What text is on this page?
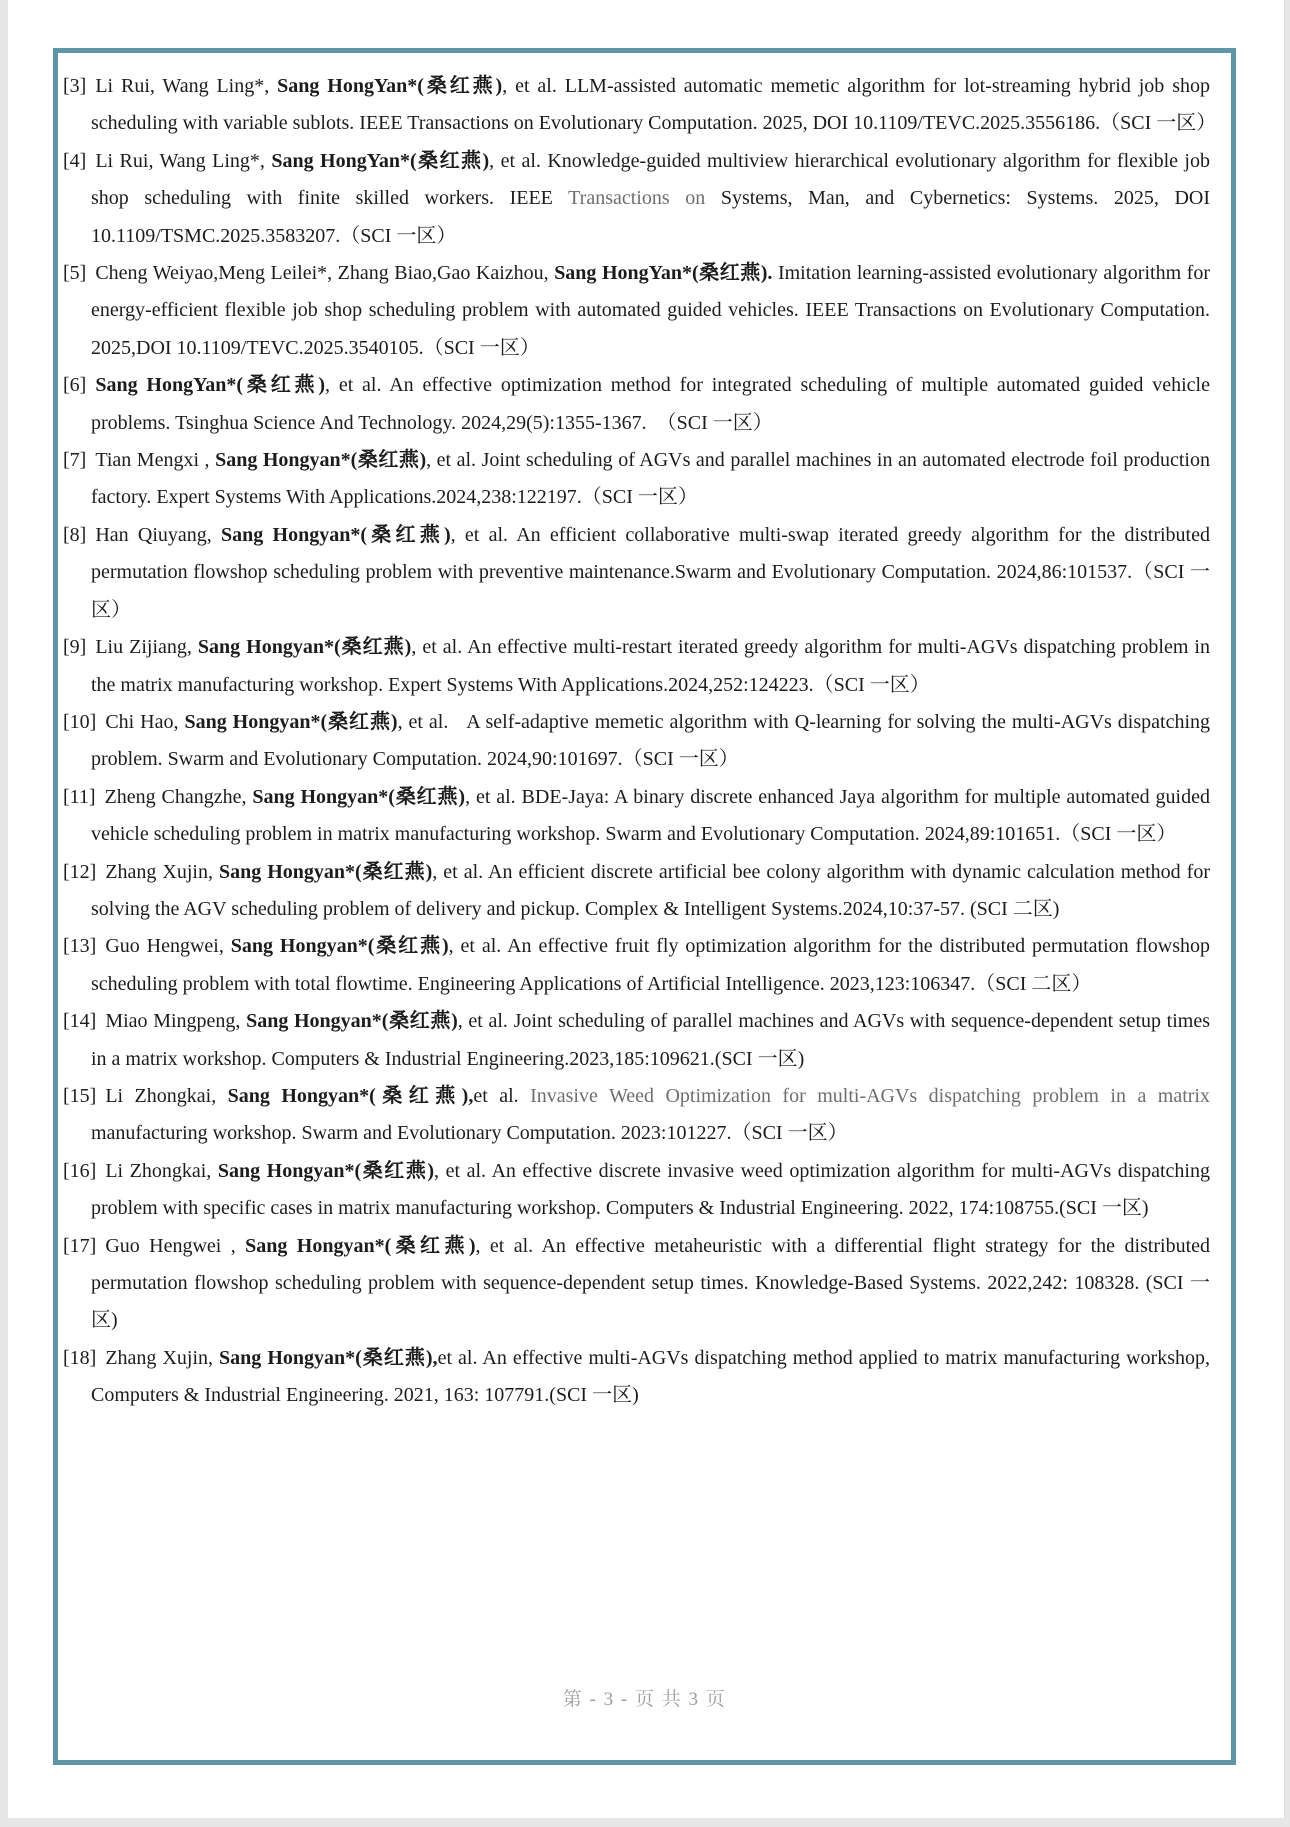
[3] Li Rui, Wang Ling*, Sang HongYan*(桑红燕), et al. LLM-assisted automatic memetic algorithm for lot-streaming hybrid job shop scheduling with variable sublots. IEEE Transactions on Evolutionary Computation. 2025, DOI 10.1109/TEVC.2025.3556186.（SCI 一区）
[4] Li Rui, Wang Ling*, Sang HongYan*(桑红燕), et al. Knowledge-guided multiview hierarchical evolutionary algorithm for flexible job shop scheduling with finite skilled workers. IEEE Transactions on Systems, Man, and Cybernetics: Systems. 2025, DOI 10.1109/TSMC.2025.3583207.（SCI 一区）
[5] Cheng Weiyao,Meng Leilei*, Zhang Biao,Gao Kaizhou, Sang HongYan*(桑红燕). Imitation learning-assisted evolutionary algorithm for energy-efficient flexible job shop scheduling problem with automated guided vehicles. IEEE Transactions on Evolutionary Computation. 2025,DOI 10.1109/TEVC.2025.3540105.（SCI 一区）
[6] Sang HongYan*(桑红燕), et al. An effective optimization method for integrated scheduling of multiple automated guided vehicle problems. Tsinghua Science And Technology. 2024,29(5):1355-1367.  （SCI 一区）
[7] Tian Mengxi , Sang Hongyan*(桑红燕), et al. Joint scheduling of AGVs and parallel machines in an automated electrode foil production factory. Expert Systems With Applications.2024,238:122197.（SCI 一区）
[8] Han Qiuyang, Sang Hongyan*(桑红燕), et al. An efficient collaborative multi-swap iterated greedy algorithm for the distributed permutation flowshop scheduling problem with preventive maintenance.Swarm and Evolutionary Computation. 2024,86:101537.（SCI 一区）
[9] Liu Zijiang, Sang Hongyan*(桑红燕), et al. An effective multi-restart iterated greedy algorithm for multi-AGVs dispatching problem in the matrix manufacturing workshop. Expert Systems With Applications.2024,252:124223.（SCI 一区）
[10] Chi Hao, Sang Hongyan*(桑红燕), et al.   A self-adaptive memetic algorithm with Q-learning for solving the multi-AGVs dispatching problem. Swarm and Evolutionary Computation. 2024,90:101697.（SCI 一区）
[11] Zheng Changzhe, Sang Hongyan*(桑红燕), et al. BDE-Jaya: A binary discrete enhanced Jaya algorithm for multiple automated guided vehicle scheduling problem in matrix manufacturing workshop. Swarm and Evolutionary Computation. 2024,89:101651.（SCI 一区）
[12] Zhang Xujin, Sang Hongyan*(桑红燕), et al. An efficient discrete artificial bee colony algorithm with dynamic calculation method for solving the AGV scheduling problem of delivery and pickup. Complex & Intelligent Systems.2024,10:37-57. (SCI 二区)
[13] Guo Hengwei, Sang Hongyan*(桑红燕), et al. An effective fruit fly optimization algorithm for the distributed permutation flowshop scheduling problem with total flowtime. Engineering Applications of Artificial Intelligence. 2023,123:106347.（SCI 二区）
[14] Miao Mingpeng, Sang Hongyan*(桑红燕), et al. Joint scheduling of parallel machines and AGVs with sequence-dependent setup times in a matrix workshop. Computers & Industrial Engineering.2023,185:109621.(SCI 一区)
[15] Li Zhongkai, Sang Hongyan*(桑红燕),et al. Invasive Weed Optimization for multi-AGVs dispatching problem in a matrix manufacturing workshop. Swarm and Evolutionary Computation. 2023:101227.（SCI 一区）
[16] Li Zhongkai, Sang Hongyan*(桑红燕), et al. An effective discrete invasive weed optimization algorithm for multi-AGVs dispatching problem with specific cases in matrix manufacturing workshop. Computers & Industrial Engineering. 2022, 174:108755.(SCI 一区)
[17] Guo Hengwei , Sang Hongyan*(桑红燕), et al. An effective metaheuristic with a differential flight strategy for the distributed permutation flowshop scheduling problem with sequence-dependent setup times. Knowledge-Based Systems. 2022,242: 108328. (SCI 一区)
[18] Zhang Xujin, Sang Hongyan*(桑红燕),et al. An effective multi-AGVs dispatching method applied to matrix manufacturing workshop, Computers & Industrial Engineering. 2021, 163: 107791.(SCI 一区)
第 - 3 - 页 共 3 页
